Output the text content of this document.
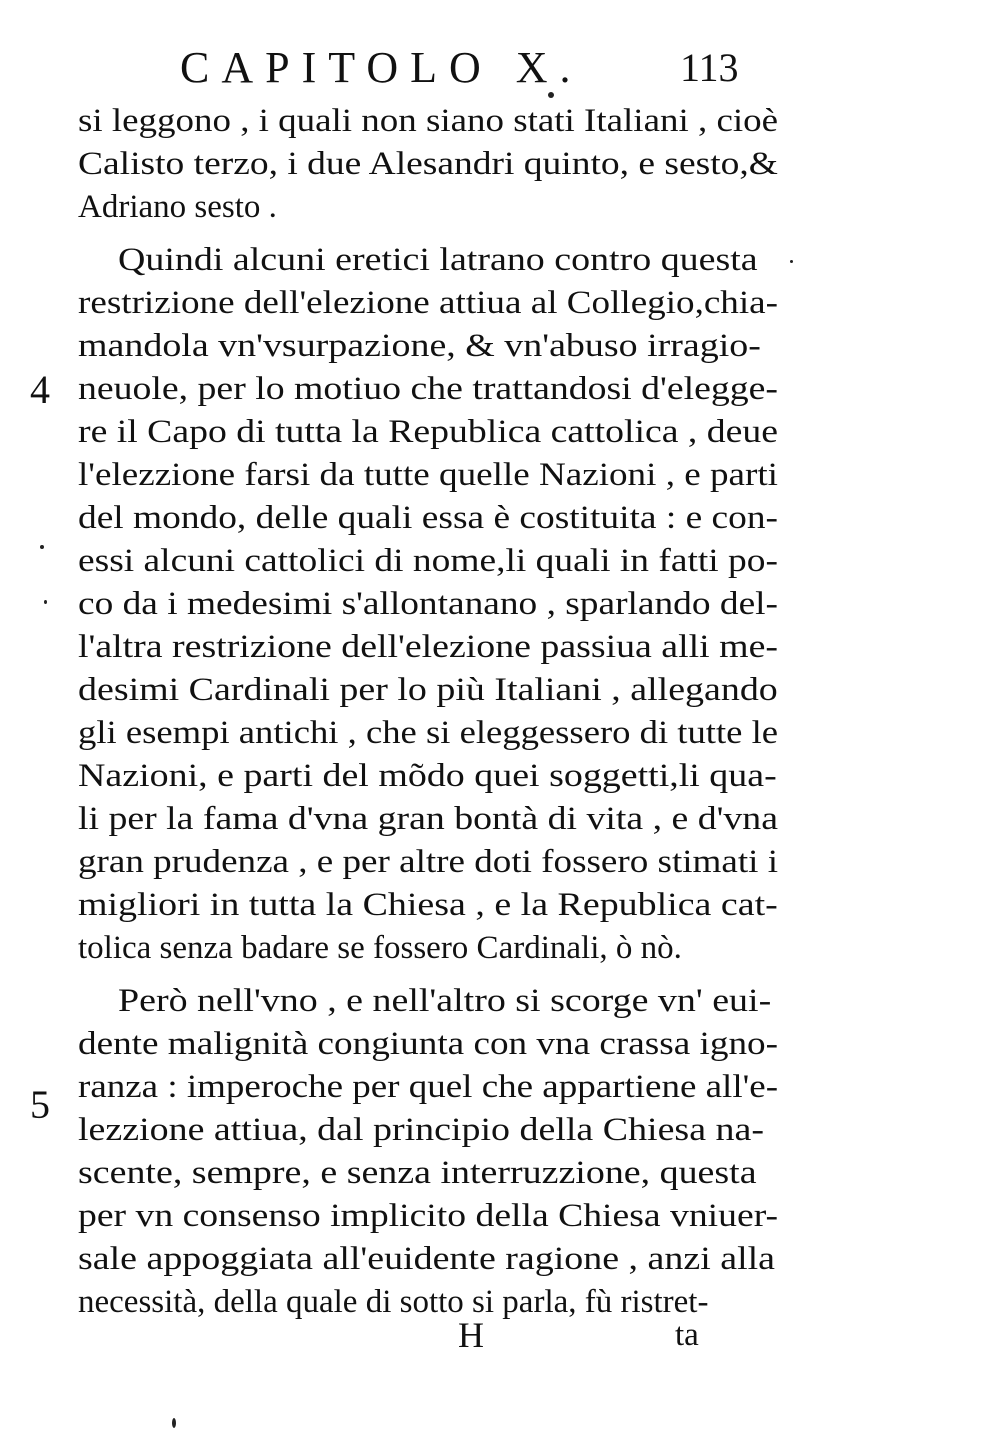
CAPITOLO X. 113
4
5
si leggono , i quali non siano stati Italiani , cioè
Calisto terzo, i due Alesandri quinto, e sesto,&
Adriano sesto .
Quindi alcuni eretici latrano contro questa
restrizione dell'elezione attiua al Collegio,chia-
mandola vn'vsurpazione, & vn'abuso irragio-
neuole, per lo motiuo che trattandosi d'elegge-
re il Capo di tutta la Republica cattolica , deue
l'elezzione farsi da tutte quelle Nazioni , e parti
del mondo, delle quali essa è costituita : e con-
essi alcuni cattolici di nome,li quali in fatti po-
co da i medesimi s'allontanano , sparlando del-
l'altra restrizione dell'elezione passiua alli me-
desimi Cardinali per lo più Italiani , allegando
gli esempi antichi , che si eleggessero di tutte le
Nazioni, e parti del mõdo quei soggetti,li qua-
li per la fama d'vna gran bontà di vita , e d'vna
gran prudenza , e per altre doti fossero stimati i
migliori in tutta la Chiesa , e la Republica cat-
tolica senza badare se fossero Cardinali, ò nò.
Però nell'vno , e nell'altro si scorge vn' eui-
dente malignità congiunta con vna crassa igno-
ranza : imperoche per quel che appartiene all'e-
lezzione attiua, dal principio della Chiesa na-
scente, sempre, e senza interruzzione, questa
per vn consenso implicito della Chiesa vniuer-
sale appoggiata all'euidente ragione , anzi alla
necessità, della quale di sotto si parla, fù ristret-
H	ta
